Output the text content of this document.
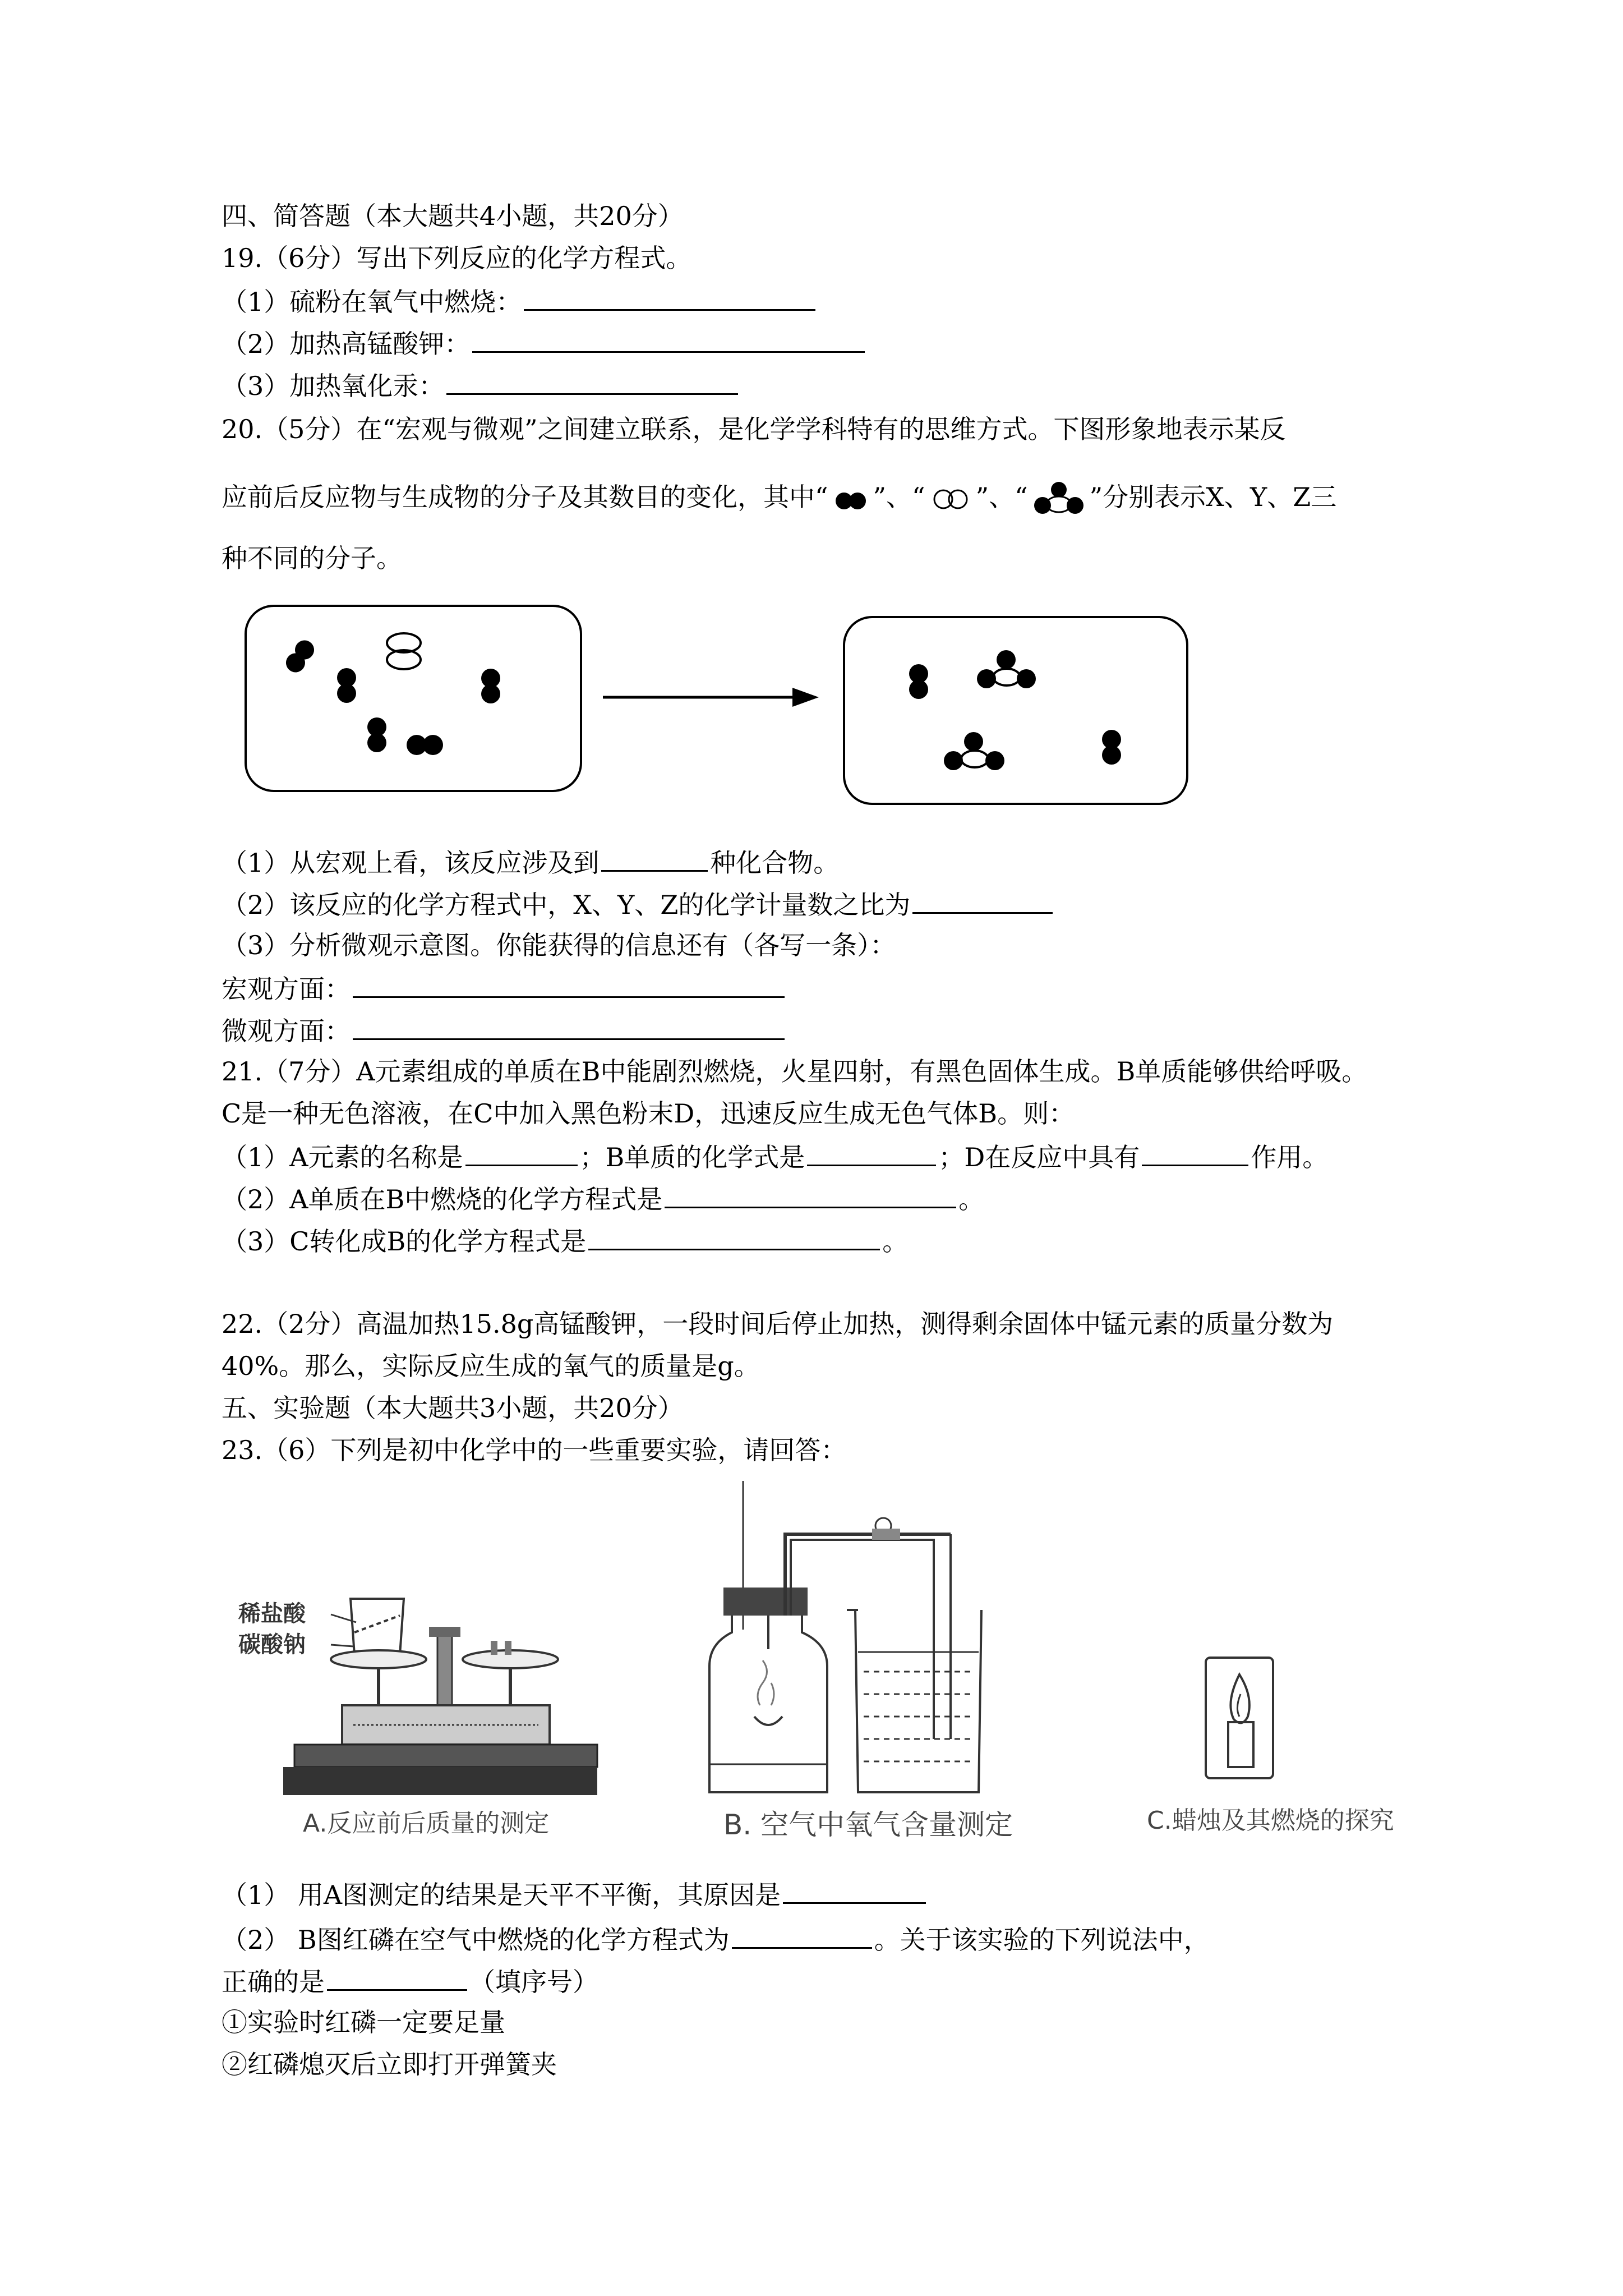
四、简答题（本大题共4小题，共20分）
19.（6分）写出下列反应的化学方程式。
（1）硫粉在氧气中燃烧：
（2）加热高锰酸钾：
（3）加热氧化汞：
20.（5分）在“宏观与微观”之间建立联系，是化学学科特有的思维方式。下图形象地表示某反
应前后反应物与生成物的分子及其数目的变化，其中“ ”、“ ”、“ ”分别表示X、Y、Z三
种不同的分子。
（1）从宏观上看，该反应涉及到	种化合物。
（2）该反应的化学方程式中，X、Y、Z的化学计量数之比为
（3）分析微观示意图。你能获得的信息还有（各写一条）：
宏观方面：
微观方面：
21.（7分）A元素组成的单质在B中能剧烈燃烧，火星四射，有黑色固体生成。B单质能够供给呼吸。
C是一种无色溶液，在C中加入黑色粉末D，迅速反应生成无色气体B。则：
（1）A元素的名称是	；B单质的化学式是	；D在反应中具有	作用。
（2）A单质在B中燃烧的化学方程式是	。
（3）C转化成B的化学方程式是	。
22.（2分）高温加热15.8g高锰酸钾，一段时间后停止加热，测得剩余固体中锰元素的质量分数为
40%。那么，实际反应生成的氧气的质量是g。
五、实验题（本大题共3小题，共20分）
23.（6）下列是初中化学中的一些重要实验，请回答：
稀盐酸
碳酸钠
A.反应前后质量的测定	B. 空气中氧气含量测定	C.蜡烛及其燃烧的探究
（1） 用A图测定的结果是天平不平衡，其原因是
（2） B图红磷在空气中燃烧的化学方程式为	。关于该实验的下列说法中，
正确的是	（填序号）
①实验时红磷一定要足量
②红磷熄灭后立即打开弹簧夹
